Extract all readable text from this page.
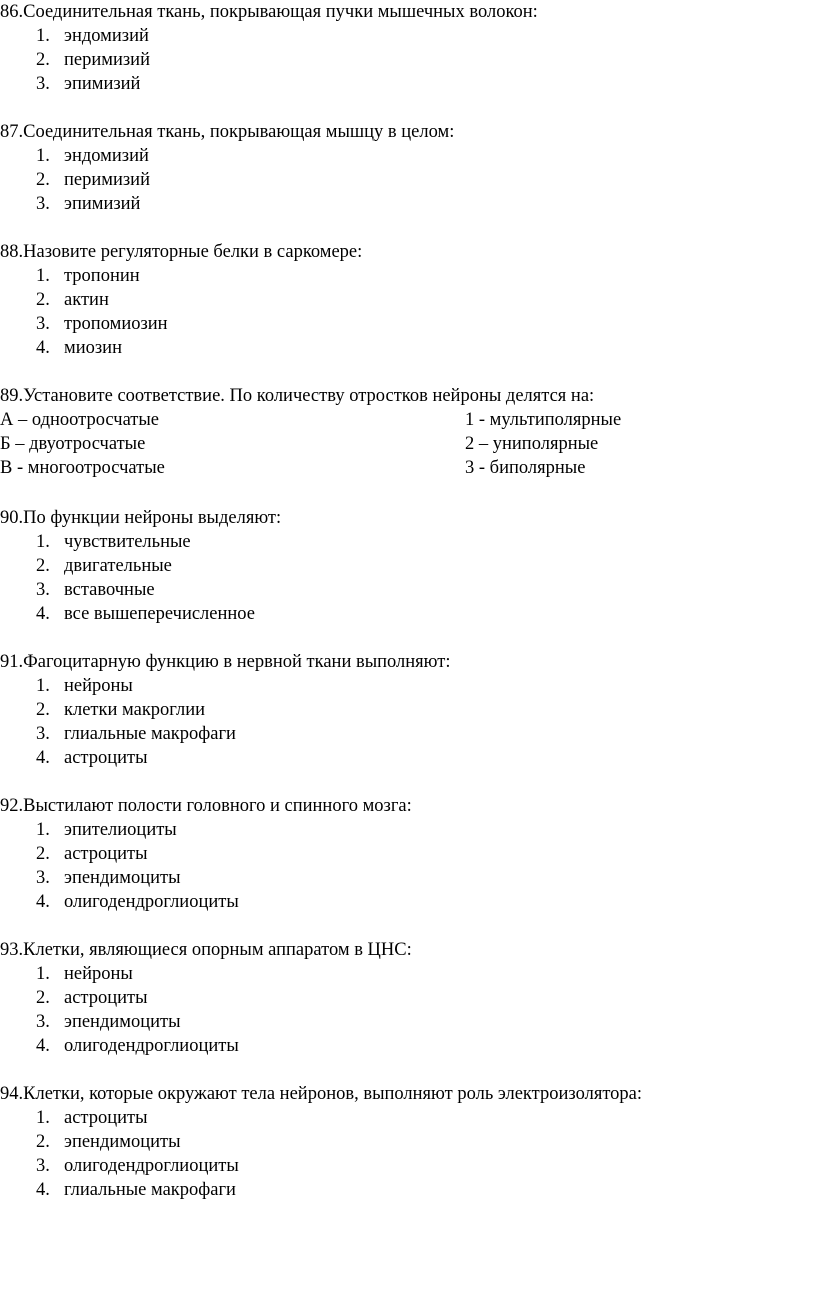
86.Соединительная ткань, покрывающая пучки мышечных волокон:
1. эндомизий
2. перимизий
3. эпимизий
87.Соединительная ткань, покрывающая мышцу в целом:
1. эндомизий
2. перимизий
3. эпимизий
88.Назовите регуляторные белки в саркомере:
1. тропонин
2. актин
3. тропомиозин
4. миозин
89.Установите соответствие. По количеству отростков нейроны делятся на:
А – одноотросчатые	1 - мультиполярные
Б – двуотросчатые	2 – униполярные
В - многоотросчатые	3 - биполярные
90.По функции нейроны выделяют:
1. чувствительные
2. двигательные
3. вставочные
4. все вышеперечисленное
91.Фагоцитарную функцию в нервной ткани выполняют:
1. нейроны
2. клетки макроглии
3. глиальные макрофаги
4. астроциты
92.Выстилают полости головного и спинного мозга:
1. эпителиоциты
2. астроциты
3. эпендимоциты
4. олигодендроглиоциты
93.Клетки, являющиеся опорным аппаратом в ЦНС:
1. нейроны
2. астроциты
3. эпендимоциты
4. олигодендроглиоциты
94.Клетки, которые окружают тела нейронов, выполняют роль электроизолятора:
1. астроциты
2. эпендимоциты
3. олигодендроглиоциты
4. глиальные макрофаги
